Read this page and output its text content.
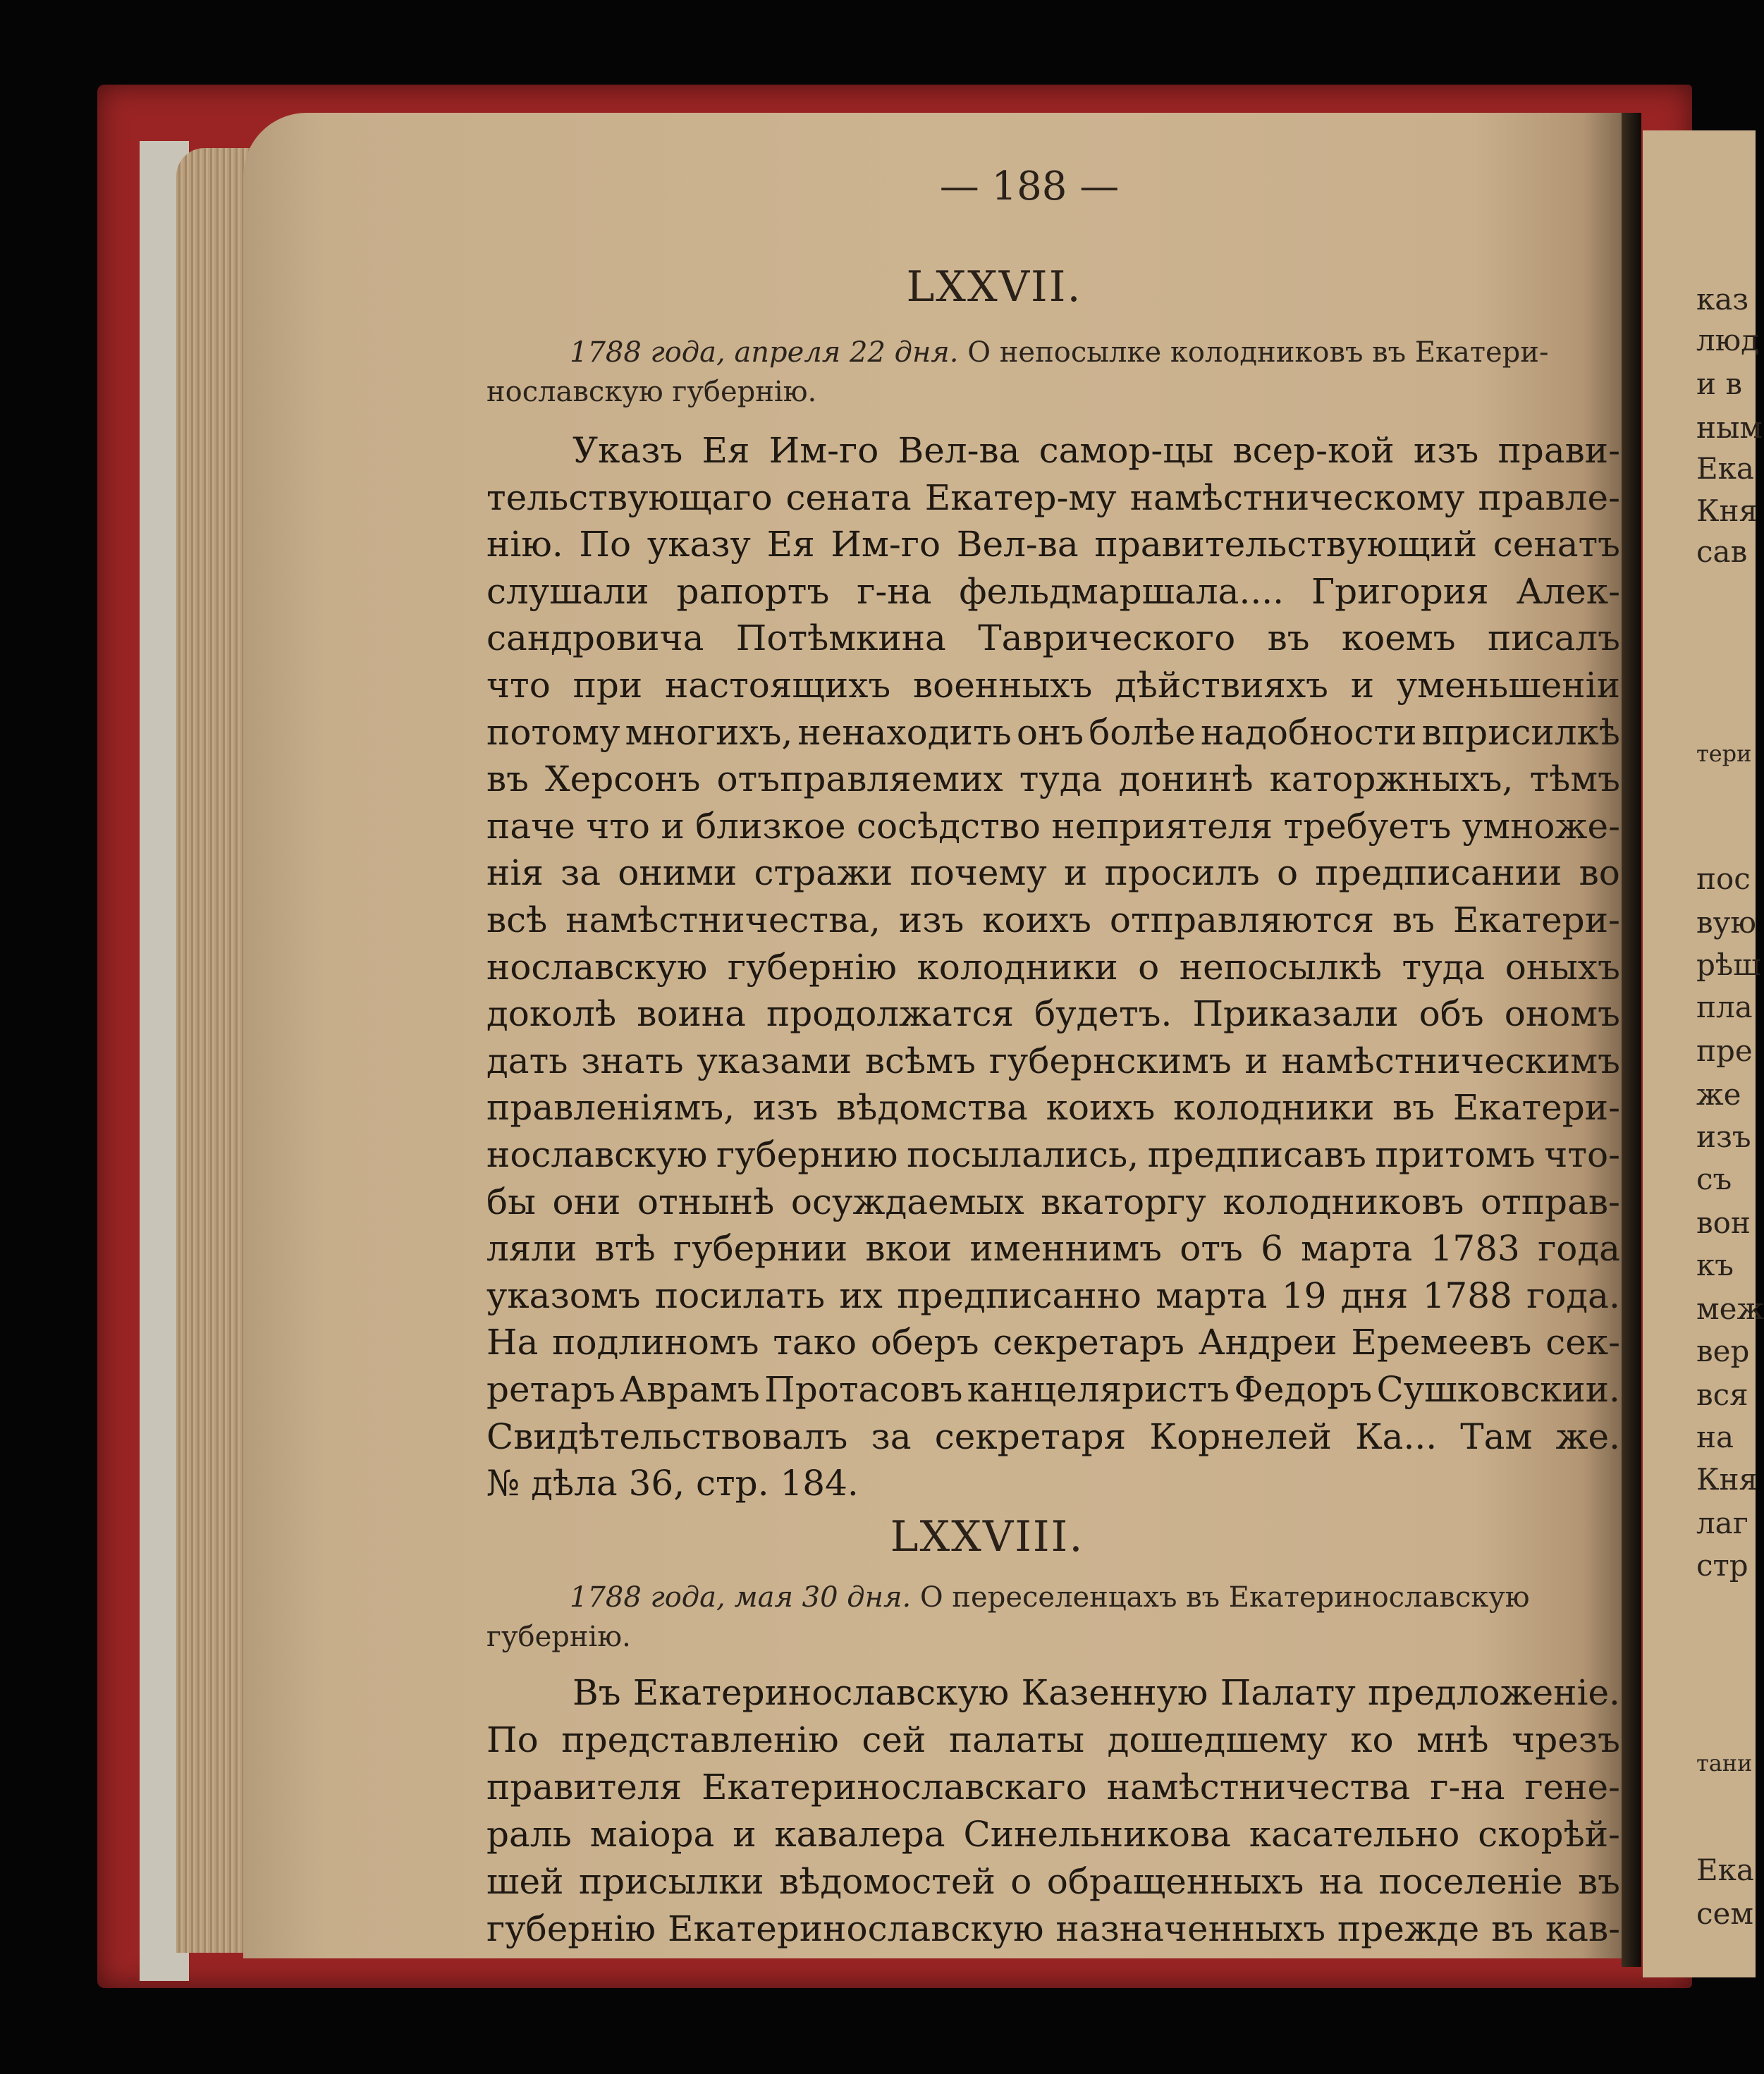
— 188 —
LXXVII.
1788 года, апреля 22 дня. О непосылке колодниковъ въ Екатери-
нославскую губернію.
Указъ Ея Им-го Вел-ва самор-цы всер-кой изъ прави-
тельствующаго сената Екатер-му намѣстническому правле-
нію. По указу Ея Им-го Вел-ва правительствующий сенатъ
слушали рапортъ г-на фельдмаршала.... Григория Алек-
сандровича Потѣмкина Таврического въ коемъ писалъ
что при настоящихъ военныхъ дѣйствияхъ и уменьшеніи
потому многихъ, ненаходить онъ болѣе надобности вприсилкѣ
въ Херсонъ отъправляемих туда донинѣ каторжныхъ, тѣмъ
паче что и близкое сосѣдство неприятеля требуетъ умноже-
нія за оними стражи почему и просилъ о предписании во
всѣ намѣстничества, изъ коихъ отправляются въ Екатери-
нославскую губернію колодники о непосылкѣ туда оныхъ
доколѣ воина продолжатся будетъ. Приказали объ ономъ
дать знать указами всѣмъ губернскимъ и намѣстническимъ
правленіямъ, изъ вѣдомства коихъ колодники въ Екатери-
нославскую губернию посылались, предписавъ притомъ что-
бы они отнынѣ осуждаемых вкаторгу колодниковъ отправ-
ляли втѣ губернии вкои именнимъ отъ 6 марта 1783 года
указомъ посилать их предписанно марта 19 дня 1788 года.
На подлиномъ тако оберъ секретаръ Андреи Еремеевъ сек-
ретаръ Аврамъ Протасовъ канцеляристъ Федоръ Сушковскии.
Свидѣтельствовалъ за секретаря Корнелей Ка... Там же.
№ дѣла 36, стр. 184.
LXXVIII.
1788 года, мая 30 дня. О переселенцахъ въ Екатеринославскую
губернію.
Въ Екатеринославскую Казенную Палату предложеніе.
По представленію сей палаты дошедшему ко мнѣ чрезъ
правителя Екатеринославскаго намѣстничества г-на гене-
раль маіора и кавалера Синельникова касательно скорѣй-
шей присылки вѣдомостей о обращенныхъ на поселеніе въ
губернію Екатеринославскую назначенныхъ прежде въ кав-
каз
люд
и в
ным
Ека
Кня
сав
тери
пос
вую
рѣш
пла
пре
же
изъ
съ
вон
къ
меж
вер
вся
на
Кня
лаг
стр
тани
Ека
сем
